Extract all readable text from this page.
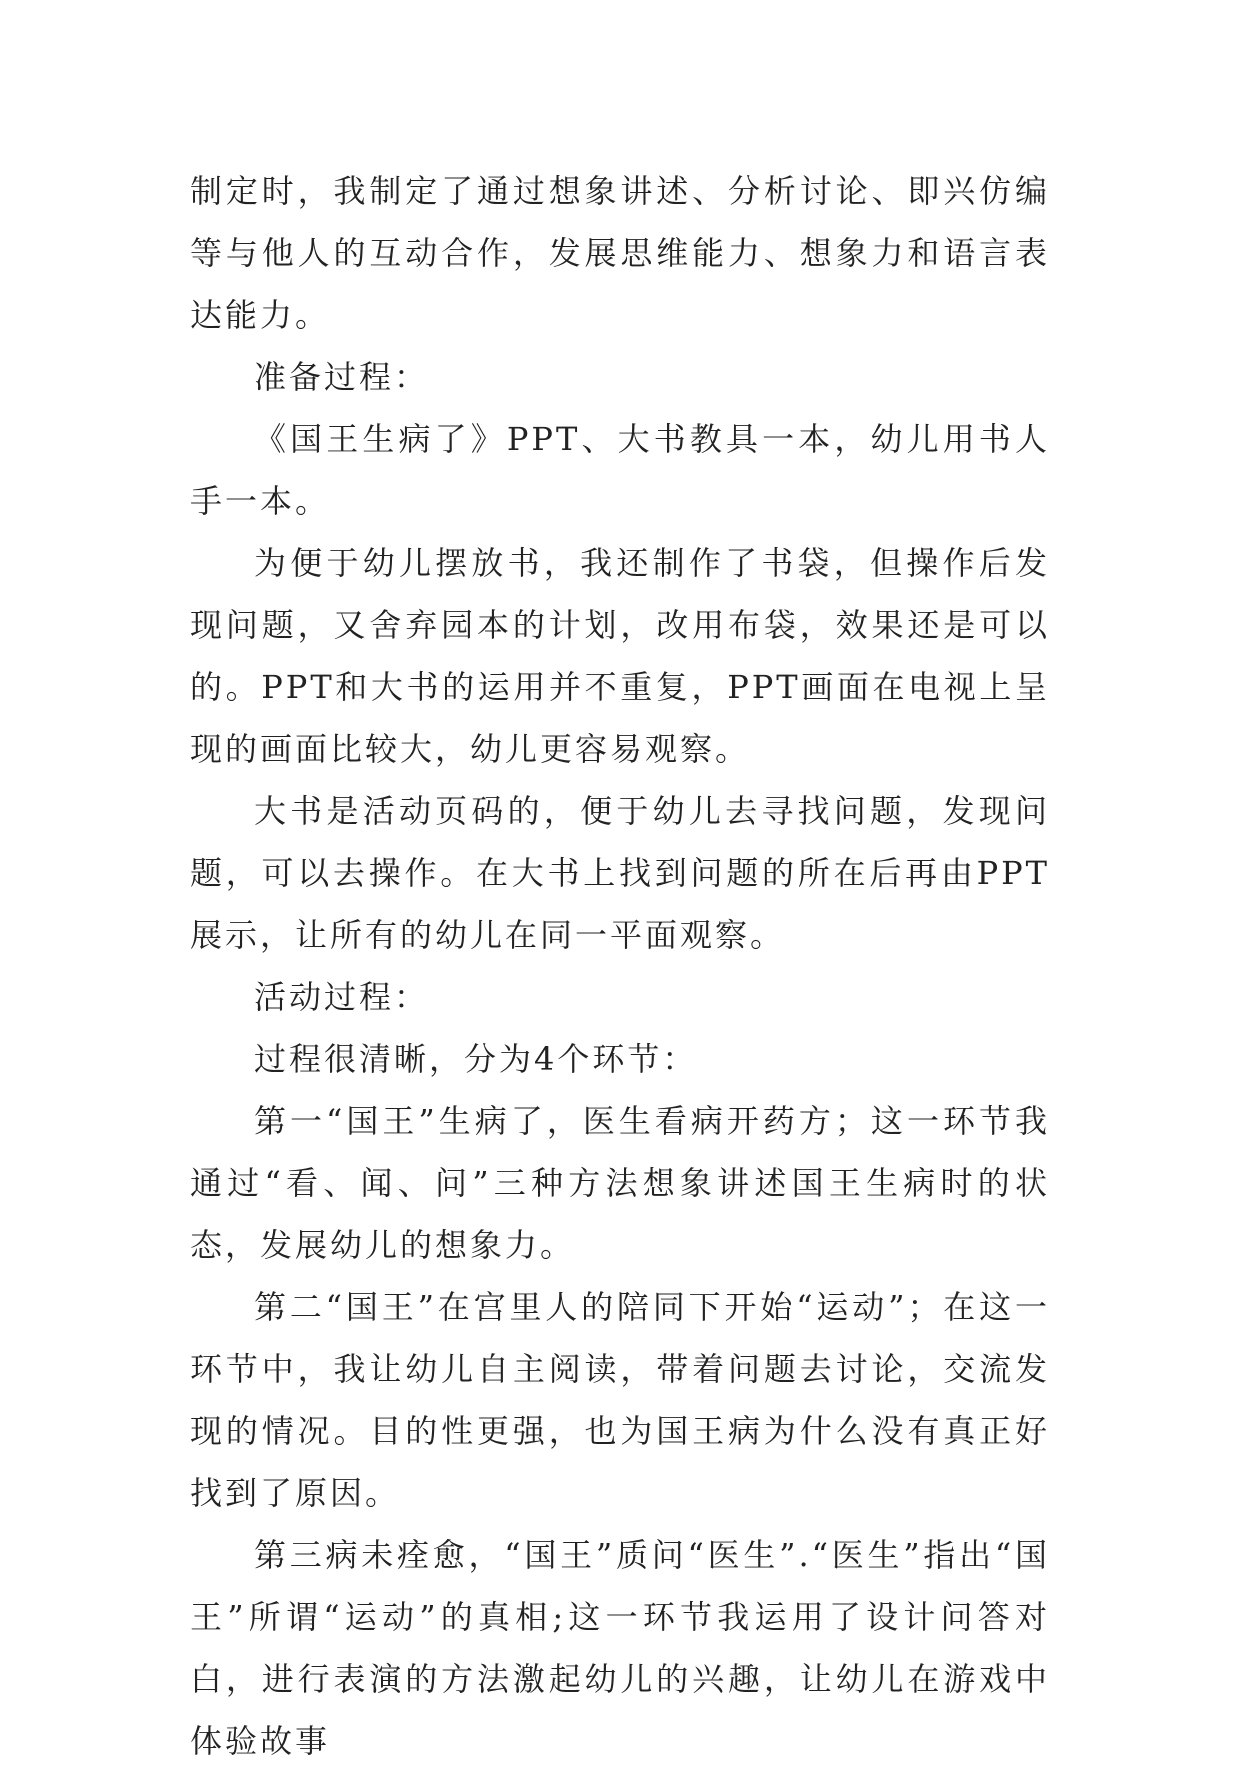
制定时，我制定了通过想象讲述、分析讨论、即兴仿编等与他人的互动合作，发展思维能力、想象力和语言表达能力。

准备过程：

《国王生病了》PPT、大书教具一本，幼儿用书人手一本。

为便于幼儿摆放书，我还制作了书袋，但操作后发现问题，又舍弃园本的计划，改用布袋，效果还是可以的。PPT和大书的运用并不重复，PPT画面在电视上呈现的画面比较大，幼儿更容易观察。

大书是活动页码的，便于幼儿去寻找问题，发现问题，可以去操作。在大书上找到问题的所在后再由PPT展示，让所有的幼儿在同一平面观察。

活动过程：

过程很清晰，分为4个环节：

第一“国王”生病了，医生看病开药方；这一环节我通过“看、闻、问”三种方法想象讲述国王生病时的状态，发展幼儿的想象力。

第二“国王”在宫里人的陪同下开始“运动”；在这一环节中，我让幼儿自主阅读，带着问题去讨论，交流发现的情况。目的性更强，也为国王病为什么没有真正好找到了原因。

第三病未痊愈，“国王”质问“医生”.“医生”指出“国王”所谓“运动”的真相;这一环节我运用了设计问答对白，进行表演的方法激起幼儿的兴趣，让幼儿在游戏中体验故事
